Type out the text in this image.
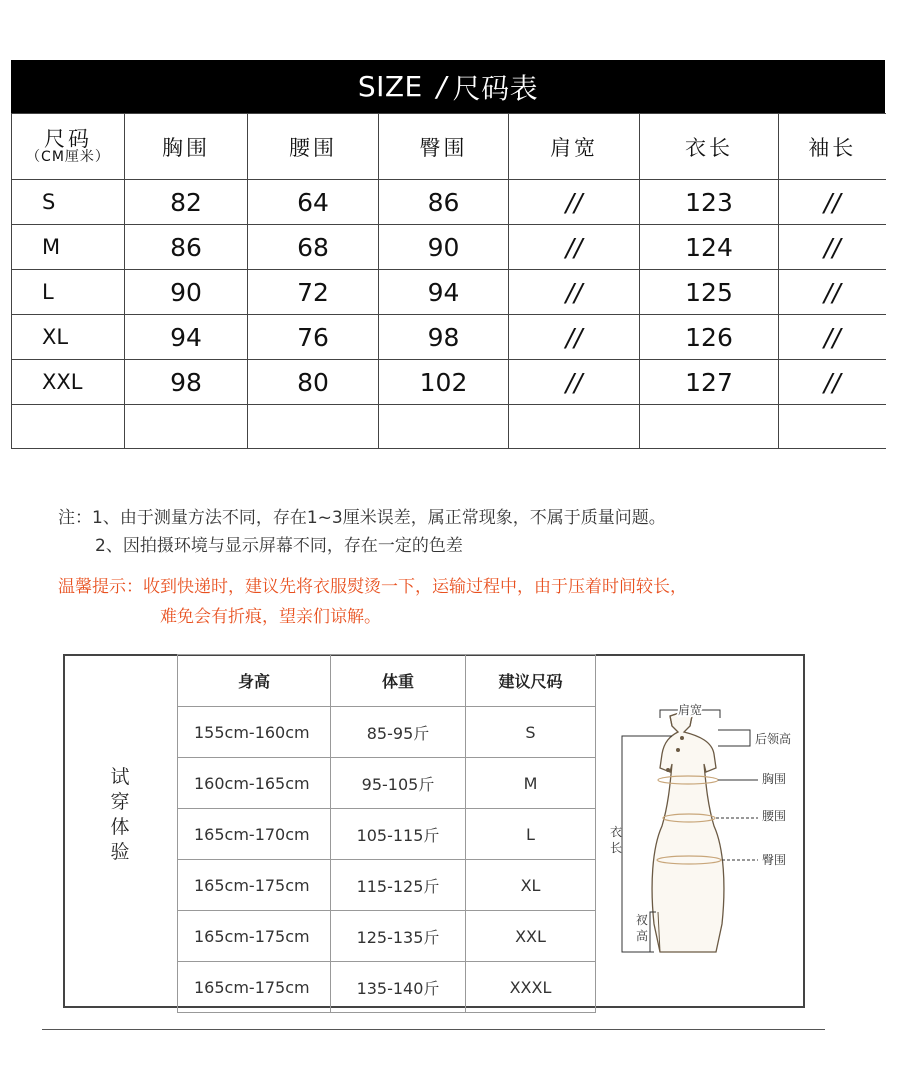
SIZE / 尺码表
尺码
（CM厘米）	胸围	腰围	臀围	肩宽	衣长	袖长
S	82	64	86	//	123	//
M	86	68	90	//	124	//
L	90	72	94	//	125	//
XL	94	76	98	//	126	//
XXL	98	80	102	//	127	//

注：1、由于测量方法不同，存在1~3厘米误差，属正常现象，不属于质量问题。
2、因拍摄环境与显示屏幕不同，存在一定的色差
温馨提示：收到快递时，建议先将衣服熨烫一下，运输过程中，由于压着时间较长，
难免会有折痕，望亲们谅解。
试
穿
体
验
身高	体重	建议尺码
155cm-160cm	85-95斤	S
160cm-165cm	95-105斤	M
165cm-170cm	105-115斤	L
165cm-175cm	115-125斤	XL
165cm-175cm	125-135斤	XXL
165cm-175cm	135-140斤	XXXL
肩宽
后领高
胸围
腰围
臀围
衣
长
衩
高
